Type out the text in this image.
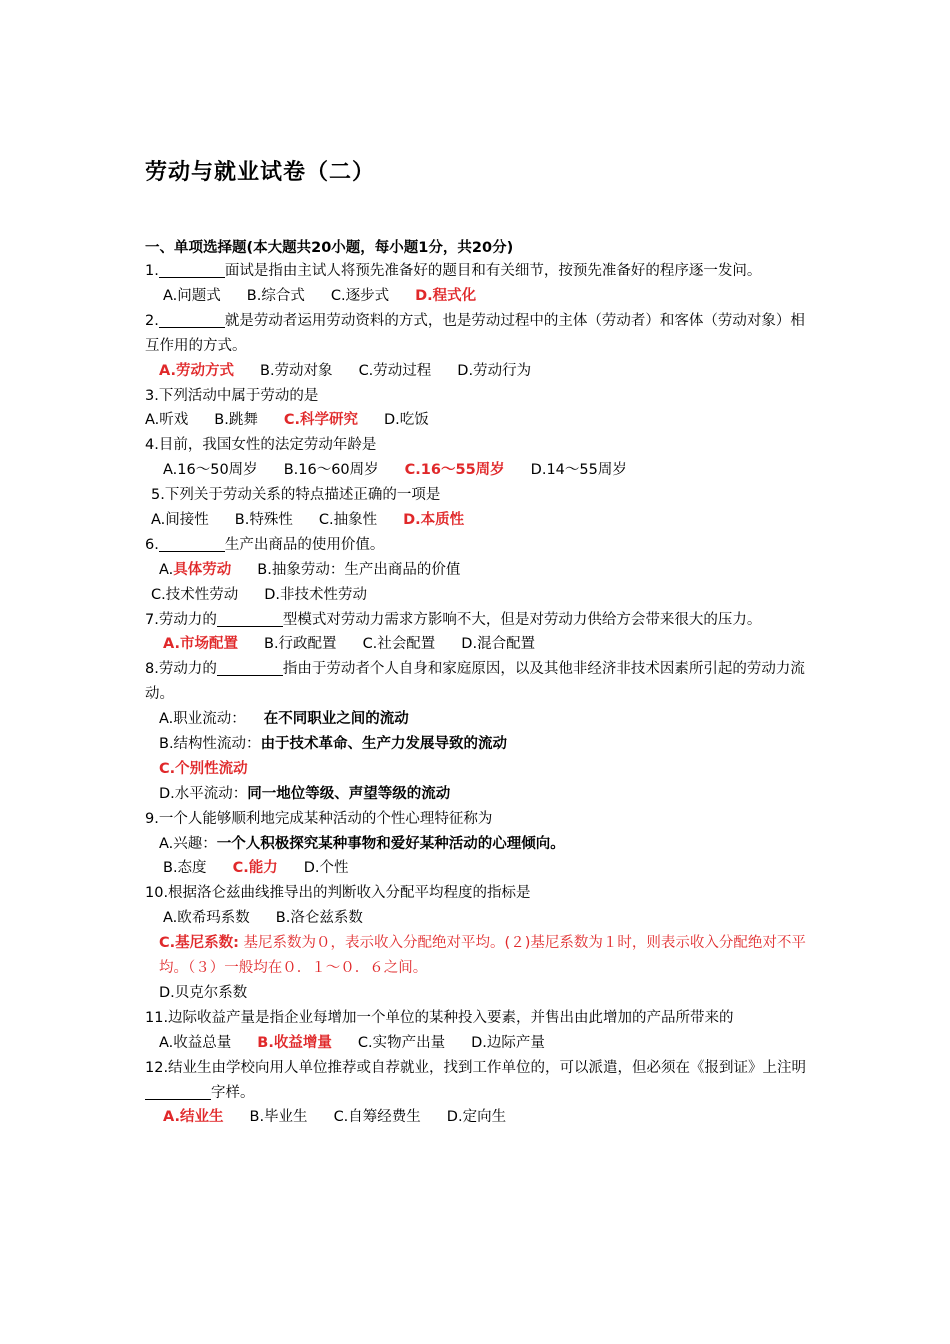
劳动与就业试卷（二）
一、单项选择题(本大题共20小题，每小题1分，共20分)
1.	面试是指由主试人将预先准备好的题目和有关细节，按预先准备好的程序逐一发问。
A.问题式 B.综合式 C.逐步式 D.程式化
2.	就是劳动者运用劳动资料的方式，也是劳动过程中的主体（劳动者）和客体（劳动对象）相互作用的方式。
A.劳动方式 B.劳动对象 C.劳动过程 D.劳动行为
3.下列活动中属于劳动的是
A.听戏 B.跳舞 C.科学研究 D.吃饭
4.目前，我国女性的法定劳动年龄是
A.16～50周岁 B.16～60周岁 C.16～55周岁 D.14～55周岁
5.下列关于劳动关系的特点描述正确的一项是
A.间接性 B.特殊性 C.抽象性 D.本质性
6.	生产出商品的使用价值。
A.具体劳动 B.抽象劳动：生产出商品的价值
C.技术性劳动 D.非技术性劳动
7.劳动力的	型模式对劳动力需求方影响不大，但是对劳动力供给方会带来很大的压力。
A.市场配置 B.行政配置 C.社会配置 D.混合配置
8.劳动力的	指由于劳动者个人自身和家庭原因，以及其他非经济非技术因素所引起的劳动力流动。
A.职业流动： 在不同职业之间的流动
B.结构性流动：由于技术革命、生产力发展导致的流动
C.个别性流动
D.水平流动：同一地位等级、声望等级的流动
9.一个人能够顺利地完成某种活动的个性心理特征称为
A.兴趣：一个人积极探究某种事物和爱好某种活动的心理倾向。
B.态度 C.能力 D.个性
10.根据洛仑兹曲线推导出的判断收入分配平均程度的指标是
A.欧希玛系数 B.洛仑兹系数
C.基尼系数: 基尼系数为０，表示收入分配绝对平均。(２)基尼系数为１时，则表示收入分配绝对不平均。（３）一般均在０．１～０．６之间。
D.贝克尔系数
11.边际收益产量是指企业每增加一个单位的某种投入要素，并售出由此增加的产品所带来的
A.收益总量 B.收益增量 C.实物产出量 D.边际产量
12.结业生由学校向用人单位推荐或自荐就业，找到工作单位的，可以派遣，但必须在《报到证》上注明字样。
A.结业生 B.毕业生 C.自筹经费生 D.定向生
